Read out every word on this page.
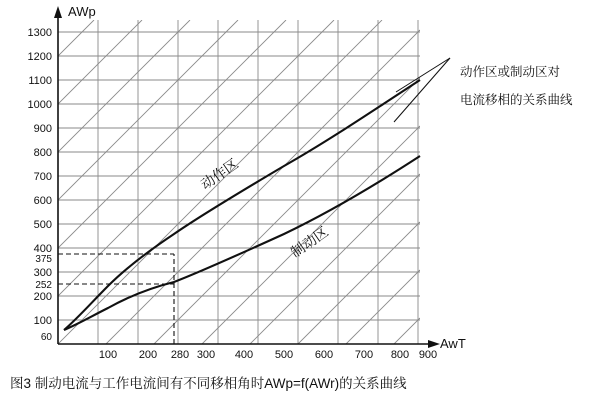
AWp
AwT
1300
1200
1100
1000
900
800
700
600
500
400
375
300
252
200
100
60
100 200 280 300 400 500 600 700 800 900
动作区
制动区
动作区或制动区对
电流移相的关系曲线
图3 制动电流与工作电流间有不同移相角时AWp=f(AWr)的关系曲线
